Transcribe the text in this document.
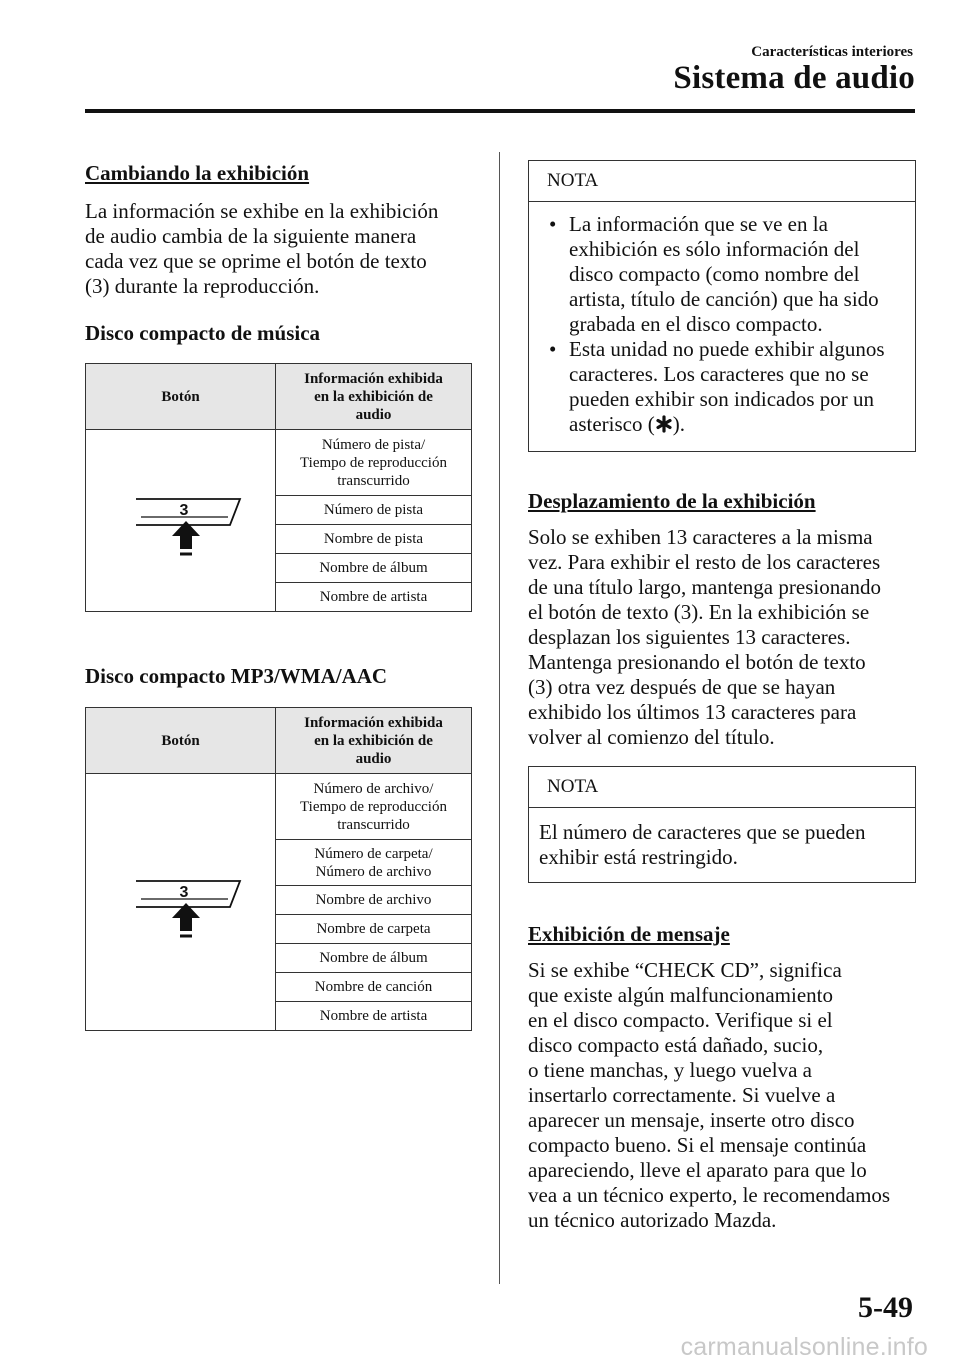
Características interiores
Sistema de audio
Cambiando la exhibición

La información se exhibe en la exhibición
de audio cambia de la siguiente manera
cada vez que se oprime el botón de texto
(3) durante la reproducción.

Disco compacto de música
Botón	Información exhibida
en la exhibición de
audio

3	Número de pista/
Tiempo de reproducción
transcurrido
	Número de pista
	Nombre de pista
	Nombre de álbum
	Nombre de artista
Disco compacto MP3/WMA/AAC
Botón	Información exhibida
en la exhibición de
audio

3	Número de archivo/
Tiempo de reproducción
transcurrido
	Número de carpeta/
Número de archivo
	Nombre de archivo
	Nombre de carpeta
	Nombre de álbum
	Nombre de canción
	Nombre de artista
NOTA
• La información que se ve en la
exhibición es sólo información del
disco compacto (como nombre del
artista, título de canción) que ha sido
grabada en el disco compacto.
• Esta unidad no puede exhibir algunos
caracteres. Los caracteres que no se
pueden exhibir son indicados por un
asterisco ( ).
Desplazamiento de la exhibición

Solo se exhiben 13 caracteres a la misma
vez. Para exhibir el resto de los caracteres
de una título largo, mantenga presionando
el botón de texto (3). En la exhibición se
desplazan los siguientes 13 caracteres.
Mantenga presionando el botón de texto
(3) otra vez después de que se hayan
exhibido los últimos 13 caracteres para
volver al comienzo del título.

NOTA
El número de caracteres que se pueden
exhibir está restringido.
Exhibición de mensaje

Si se exhibe “CHECK CD”, significa
que existe algún malfuncionamiento
en el disco compacto. Verifique si el
disco compacto está dañado, sucio,
o tiene manchas, y luego vuelva a
insertarlo correctamente. Si vuelve a
aparecer un mensaje, inserte otro disco
compacto bueno. Si el mensaje continúa
apareciendo, lleve el aparato para que lo
vea a un técnico experto, le recomendamos
un técnico autorizado Mazda.

5-49
carmanualsonline.info
